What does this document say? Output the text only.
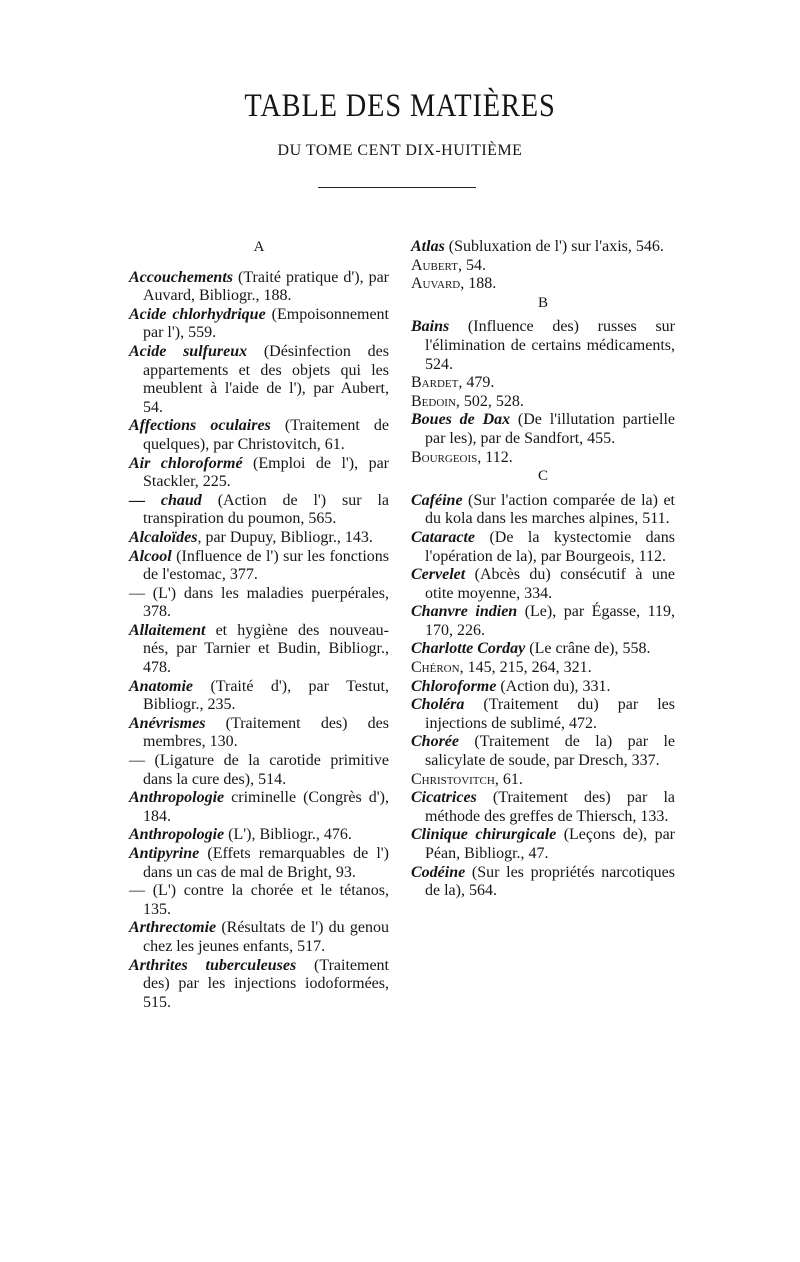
TABLE DES MATIÈRES
DU TOME CENT DIX-HUITIÈME
A
Accouchements (Traité pratique d'), par Auvard, Bibliogr., 188.
Acide chlorhydrique (Empoisonnement par l'), 559.
Acide sulfureux (Désinfection des appartements et des objets qui les meublent à l'aide de l'), par Aubert, 54.
Affections oculaires (Traitement de quelques), par Christovitch, 61.
Air chloroformé (Emploi de l'), par Stackler, 225.
— chaud (Action de l') sur la transpiration du poumon, 565.
Alcaloïdes, par Dupuy, Bibliogr., 143.
Alcool (Influence de l') sur les fonctions de l'estomac, 377.
— (L') dans les maladies puerpérales, 378.
Allaitement et hygiène des nouveau-nés, par Tarnier et Budin, Bibliogr., 478.
Anatomie (Traité d'), par Testut, Bibliogr., 235.
Anévrismes (Traitement des) des membres, 130.
— (Ligature de la carotide primitive dans la cure des), 514.
Anthropologie criminelle (Congrès d'), 184.
Anthropologie (L'), Bibliogr., 476.
Antipyrine (Effets remarquables de l') dans un cas de mal de Bright, 93.
— (L') contre la chorée et le tétanos, 135.
Arthrectomie (Résultats de l') du genou chez les jeunes enfants, 517.
Arthrites tuberculeuses (Traitement des) par les injections iodoformées, 515.
Atlas (Subluxation de l') sur l'axis, 546.
Aubert, 54.
Auvard, 188.
B
Bains (Influence des) russes sur l'élimination de certains médicaments, 524.
Bardet, 479.
Bedoin, 502, 528.
Boues de Dax (De l'illutation partielle par les), par de Sandfort, 455.
Bourgeois, 112.
C
Caféine (Sur l'action comparée de la) et du kola dans les marches alpines, 511.
Cataracte (De la kystectomie dans l'opération de la), par Bourgeois, 112.
Cervelet (Abcès du) consécutif à une otite moyenne, 334.
Chanvre indien (Le), par Égasse, 119, 170, 226.
Charlotte Corday (Le crâne de), 558.
Chéron, 145, 215, 264, 321.
Chloroforme (Action du), 331.
Choléra (Traitement du) par les injections de sublimé, 472.
Chorée (Traitement de la) par le salicylate de soude, par Dresch, 337.
Christovitch, 61.
Cicatrices (Traitement des) par la méthode des greffes de Thiersch, 133.
Clinique chirurgicale (Leçons de), par Péan, Bibliogr., 47.
Codéine (Sur les propriétés narcotiques de la), 564.
